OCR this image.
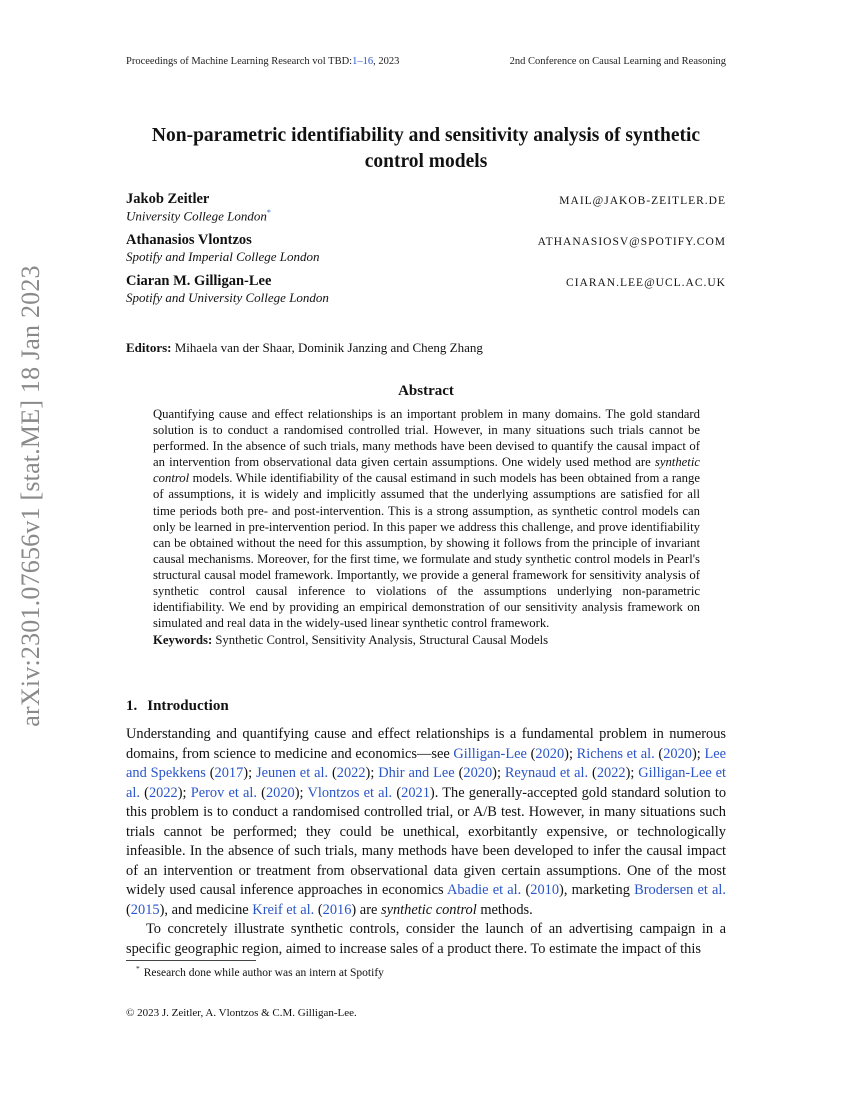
Proceedings of Machine Learning Research vol TBD:1–16, 2023	2nd Conference on Causal Learning and Reasoning
arXiv:2301.07656v1 [stat.ME] 18 Jan 2023
Non-parametric identifiability and sensitivity analysis of synthetic control models
Jakob Zeitler	MAIL@JAKOB-ZEITLER.DE
University College London*
Athanasios Vlontzos	ATHANASIOSV@SPOTIFY.COM
Spotify and Imperial College London
Ciaran M. Gilligan-Lee	CIARAN.LEE@UCL.AC.UK
Spotify and University College London
Editors: Mihaela van der Shaar, Dominik Janzing and Cheng Zhang
Abstract

Quantifying cause and effect relationships is an important problem in many domains. The gold standard solution is to conduct a randomised controlled trial. However, in many situations such trials cannot be performed. In the absence of such trials, many methods have been devised to quantify the causal impact of an intervention from observational data given certain assumptions. One widely used method are synthetic control models. While identifiability of the causal estimand in such models has been obtained from a range of assumptions, it is widely and implicitly assumed that the underlying assumptions are satisfied for all time periods both pre- and post-intervention. This is a strong assumption, as synthetic control models can only be learned in pre-intervention period. In this paper we address this challenge, and prove identifiability can be obtained without the need for this assumption, by showing it follows from the principle of invariant causal mechanisms. Moreover, for the first time, we formulate and study synthetic control models in Pearl's structural causal model framework. Importantly, we provide a general framework for sensitivity analysis of synthetic control causal inference to violations of the assumptions underlying non-parametric identifiability. We end by providing an empirical demonstration of our sensitivity analysis framework on simulated and real data in the widely-used linear synthetic control framework.

Keywords: Synthetic Control, Sensitivity Analysis, Structural Causal Models

1. Introduction

Understanding and quantifying cause and effect relationships is a fundamental problem in numerous domains, from science to medicine and economics—see Gilligan-Lee (2020); Richens et al. (2020); Lee and Spekkens (2017); Jeunen et al. (2022); Dhir and Lee (2020); Reynaud et al. (2022); Gilligan-Lee et al. (2022); Perov et al. (2020); Vlontzos et al. (2021). The generally-accepted gold standard solution to this problem is to conduct a randomised controlled trial, or A/B test. However, in many situations such trials cannot be performed; they could be unethical, exorbitantly expensive, or technologically infeasible. In the absence of such trials, many methods have been developed to infer the causal impact of an intervention or treatment from observational data given certain assumptions. One of the most widely used causal inference approaches in economics Abadie et al. (2010), marketing Brodersen et al. (2015), and medicine Kreif et al. (2016) are synthetic control methods.

To concretely illustrate synthetic controls, consider the launch of an advertising campaign in a specific geographic region, aimed to increase sales of a product there. To estimate the impact of this

* Research done while author was an intern at Spotify
© 2023 J. Zeitler, A. Vlontzos & C.M. Gilligan-Lee.
